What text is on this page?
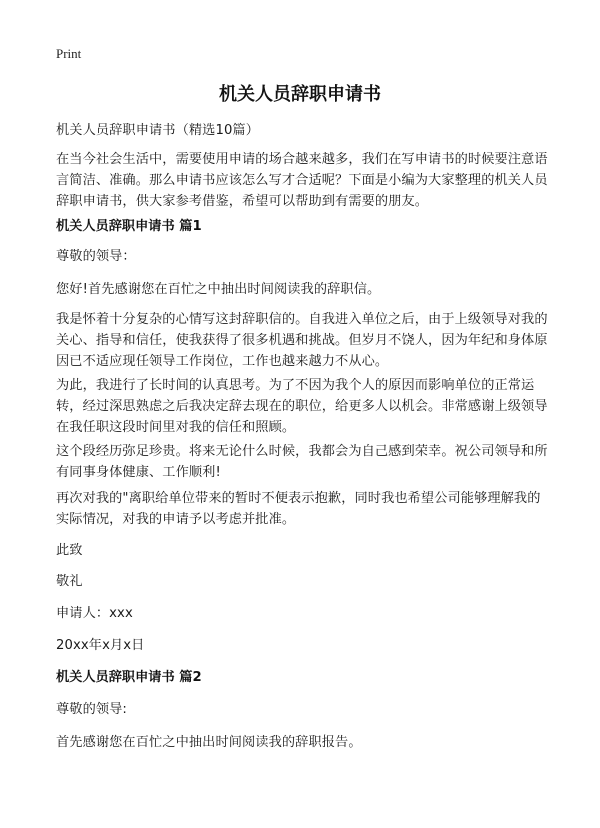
Print
机关人员辞职申请书
机关人员辞职申请书（精选10篇）
在当今社会生活中，需要使用申请的场合越来越多，我们在写申请书的时候要注意语言简洁、准确。那么申请书应该怎么写才合适呢？下面是小编为大家整理的机关人员辞职申请书，供大家参考借鉴，希望可以帮助到有需要的朋友。
机关人员辞职申请书 篇1
尊敬的领导：
您好!首先感谢您在百忙之中抽出时间阅读我的辞职信。
我是怀着十分复杂的心情写这封辞职信的。自我进入单位之后，由于上级领导对我的关心、指导和信任，使我获得了很多机遇和挑战。但岁月不饶人，因为年纪和身体原因已不适应现任领导工作岗位，工作也越来越力不从心。
为此，我进行了长时间的认真思考。为了不因为我个人的原因而影响单位的正常运转，经过深思熟虑之后我决定辞去现在的职位，给更多人以机会。非常感谢上级领导在我任职这段时间里对我的信任和照顾。
这个段经历弥足珍贵。将来无论什么时候，我都会为自己感到荣幸。祝公司领导和所有同事身体健康、工作顺利!
再次对我的"离职给单位带来的暂时不便表示抱歉，同时我也希望公司能够理解我的实际情况，对我的申请予以考虑并批准。
此致
敬礼
申请人：xxx
20xx年x月x日
机关人员辞职申请书 篇2
尊敬的领导:
首先感谢您在百忙之中抽出时间阅读我的辞职报告。
